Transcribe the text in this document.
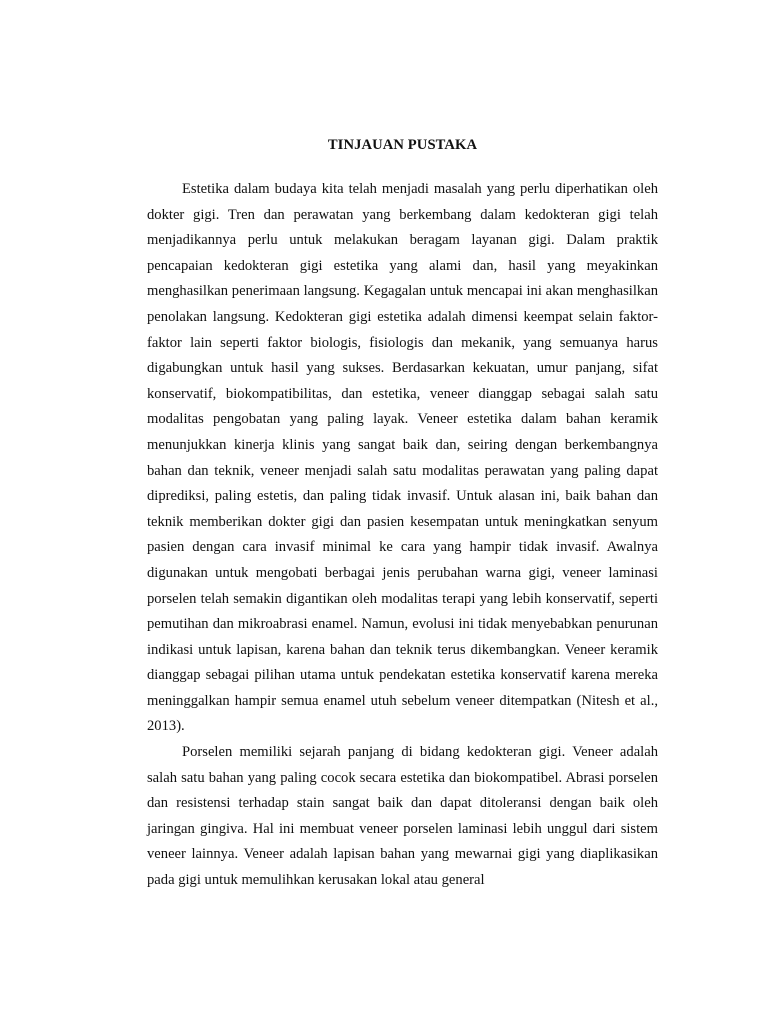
TINJAUAN PUSTAKA

Estetika dalam budaya kita telah menjadi masalah yang perlu diperhatikan oleh dokter gigi. Tren dan perawatan yang berkembang dalam kedokteran gigi telah menjadikannya perlu untuk melakukan beragam layanan gigi. Dalam praktik pencapaian kedokteran gigi estetika yang alami dan, hasil yang meyakinkan menghasilkan penerimaan langsung. Kegagalan untuk mencapai ini akan menghasilkan penolakan langsung. Kedokteran gigi estetika adalah dimensi keempat selain faktor-faktor lain seperti faktor biologis, fisiologis dan mekanik, yang semuanya harus digabungkan untuk hasil yang sukses. Berdasarkan kekuatan, umur panjang, sifat konservatif, biokompatibilitas, dan estetika, veneer dianggap sebagai salah satu modalitas pengobatan yang paling layak. Veneer estetika dalam bahan keramik menunjukkan kinerja klinis yang sangat baik dan, seiring dengan berkembangnya bahan dan teknik, veneer menjadi salah satu modalitas perawatan yang paling dapat diprediksi, paling estetis, dan paling tidak invasif. Untuk alasan ini, baik bahan dan teknik memberikan dokter gigi dan pasien kesempatan untuk meningkatkan senyum pasien dengan cara invasif minimal ke cara yang hampir tidak invasif. Awalnya digunakan untuk mengobati berbagai jenis perubahan warna gigi, veneer laminasi porselen telah semakin digantikan oleh modalitas terapi yang lebih konservatif, seperti pemutihan dan mikroabrasi enamel. Namun, evolusi ini tidak menyebabkan penurunan indikasi untuk lapisan, karena bahan dan teknik terus dikembangkan. Veneer keramik dianggap sebagai pilihan utama untuk pendekatan estetika konservatif karena mereka meninggalkan hampir semua enamel utuh sebelum veneer ditempatkan (Nitesh et al., 2013).

Porselen memiliki sejarah panjang di bidang kedokteran gigi. Veneer adalah salah satu bahan yang paling cocok secara estetika dan biokompatibel. Abrasi porselen dan resistensi terhadap stain sangat baik dan dapat ditoleransi dengan baik oleh jaringan gingiva. Hal ini membuat veneer porselen laminasi lebih unggul dari sistem veneer lainnya. Veneer adalah lapisan bahan yang mewarnai gigi yang diaplikasikan pada gigi untuk memulihkan kerusakan lokal atau general
